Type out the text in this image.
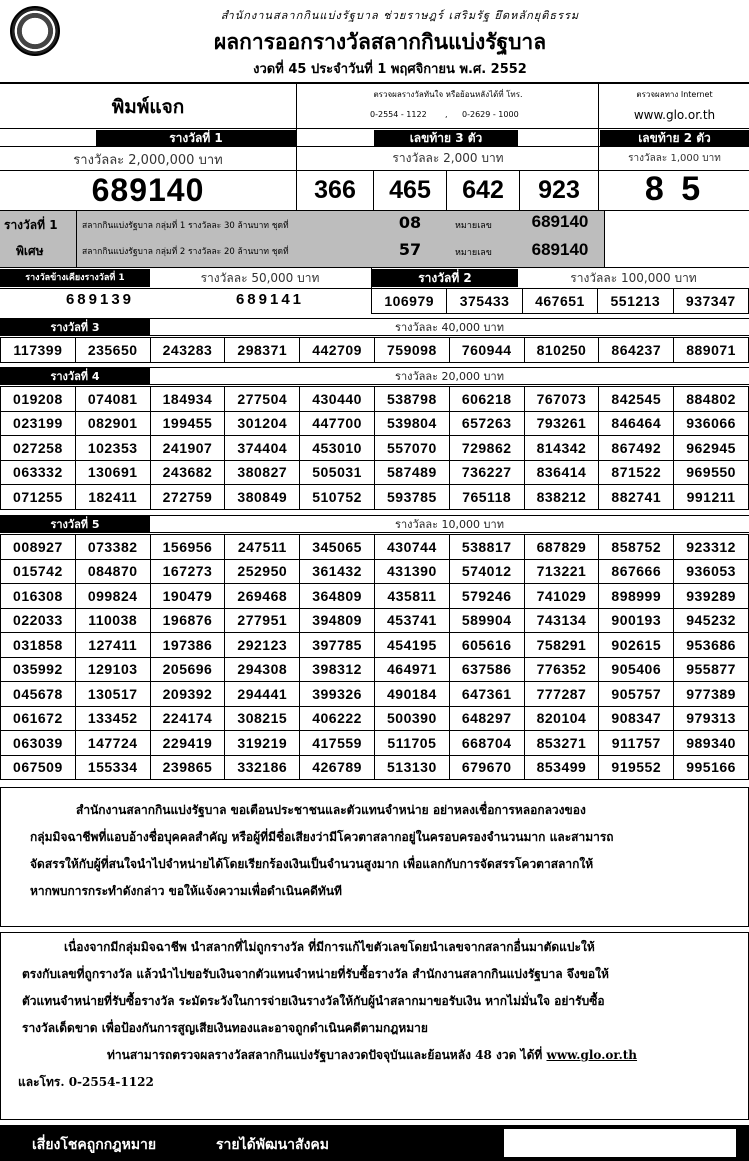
สำนักงานสลากกินแบ่งรัฐบาล ช่วยราษฎร์ เสริมรัฐ ยึดหลักยุติธรรม
ผลการออกรางวัลสลากกินแบ่งรัฐบาล
งวดที่ 45 ประจำวันที่ 1 พฤศจิกายน พ.ศ. 2552
พิมพ์แจก
ตรวจผลรางวัลทันใจ หรือย้อนหลังได้ที่ โทร.
0-2554 - 1122	,	0-2629 - 1000
ตรวจผลทาง Internet
www.glo.or.th
รางวัลที่ 1	เลขท้าย 3 ตัว	เลขท้าย 2 ตัว
รางวัลละ 2,000,000 บาท	รางวัลละ 2,000 บาท	รางวัลละ 1,000 บาท
689140	366	465	642	923	8 5
รางวัลที่ 1
พิเศษ
สลากกินแบ่งรัฐบาล กลุ่มที่ 1 รางวัลละ 30 ล้านบาท ชุดที่	08	หมายเลข	689140
สลากกินแบ่งรัฐบาล กลุ่มที่ 2 รางวัลละ 20 ล้านบาท ชุดที่	57	หมายเลข	689140
รางวัลข้างเคียงรางวัลที่ 1	รางวัลละ 50,000 บาท	รางวัลที่ 2	รางวัลละ 100,000 บาท
689139	689141	106979	375433	467651	551213	937347
รางวัลที่ 3	รางวัลละ 40,000 บาท
117399	235650	243283	298371	442709	759098	760944	810250	864237	889071
รางวัลที่ 4	รางวัลละ 20,000 บาท
019208	074081	184934	277504	430440	538798	606218	767073	842545	884802
023199	082901	199455	301204	447700	539804	657263	793261	846464	936066
027258	102353	241907	374404	453010	557070	729862	814342	867492	962945
063332	130691	243682	380827	505031	587489	736227	836414	871522	969550
071255	182411	272759	380849	510752	593785	765118	838212	882741	991211
รางวัลที่ 5	รางวัลละ 10,000 บาท
008927	073382	156956	247511	345065	430744	538817	687829	858752	923312
015742	084870	167273	252950	361432	431390	574012	713221	867666	936053
016308	099824	190479	269468	364809	435811	579246	741029	898999	939289
022033	110038	196876	277951	394809	453741	589904	743134	900193	945232
031858	127411	197386	292123	397785	454195	605616	758291	902615	953686
035992	129103	205696	294308	398312	464971	637586	776352	905406	955877
045678	130517	209392	294441	399326	490184	647361	777287	905757	977389
061672	133452	224174	308215	406222	500390	648297	820104	908347	979313
063039	147724	229419	319219	417559	511705	668704	853271	911757	989340
067509	155334	239865	332186	426789	513130	679670	853499	919552	995166
สำนักงานสลากกินแบ่งรัฐบาล ขอเตือนประชาชนและตัวแทนจำหน่าย อย่าหลงเชื่อการหลอกลวงของ
กลุ่มมิจฉาชีพที่แอบอ้างชื่อบุคคลสำคัญ หรือผู้ที่มีชื่อเสียงว่ามีโควตาสลากอยู่ในครอบครองจำนวนมาก และสามารถ
จัดสรรให้กับผู้ที่สนใจนำไปจำหน่ายได้โดยเรียกร้องเงินเป็นจำนวนสูงมาก เพื่อแลกกับการจัดสรรโควตาสลากให้
หากพบการกระทำดังกล่าว ขอให้แจ้งความเพื่อดำเนินคดีทันที
เนื่องจากมีกลุ่มมิจฉาชีพ นำสลากที่ไม่ถูกรางวัล ที่มีการแก้ไขตัวเลขโดยนำเลขจากสลากอื่นมาตัดแปะให้
ตรงกับเลขที่ถูกรางวัล แล้วนำไปขอรับเงินจากตัวแทนจำหน่ายที่รับซื้อรางวัล สำนักงานสลากกินแบ่งรัฐบาล จึงขอให้
ตัวแทนจำหน่ายที่รับซื้อรางวัล ระมัดระวังในการจ่ายเงินรางวัลให้กับผู้นำสลากมาขอรับเงิน หากไม่มั่นใจ อย่ารับซื้อ
รางวัลเด็ดขาด เพื่อป้องกันการสูญเสียเงินทองและอาจถูกดำเนินคดีตามกฎหมาย
ท่านสามารถตรวจผลรางวัลสลากกินแบ่งรัฐบาลงวดปัจจุบันและย้อนหลัง 48 งวด ได้ที่ www.glo.or.th
และโทร. 0-2554-1122
เสี่ยงโชคถูกกฎหมาย	รายได้พัฒนาสังคม
